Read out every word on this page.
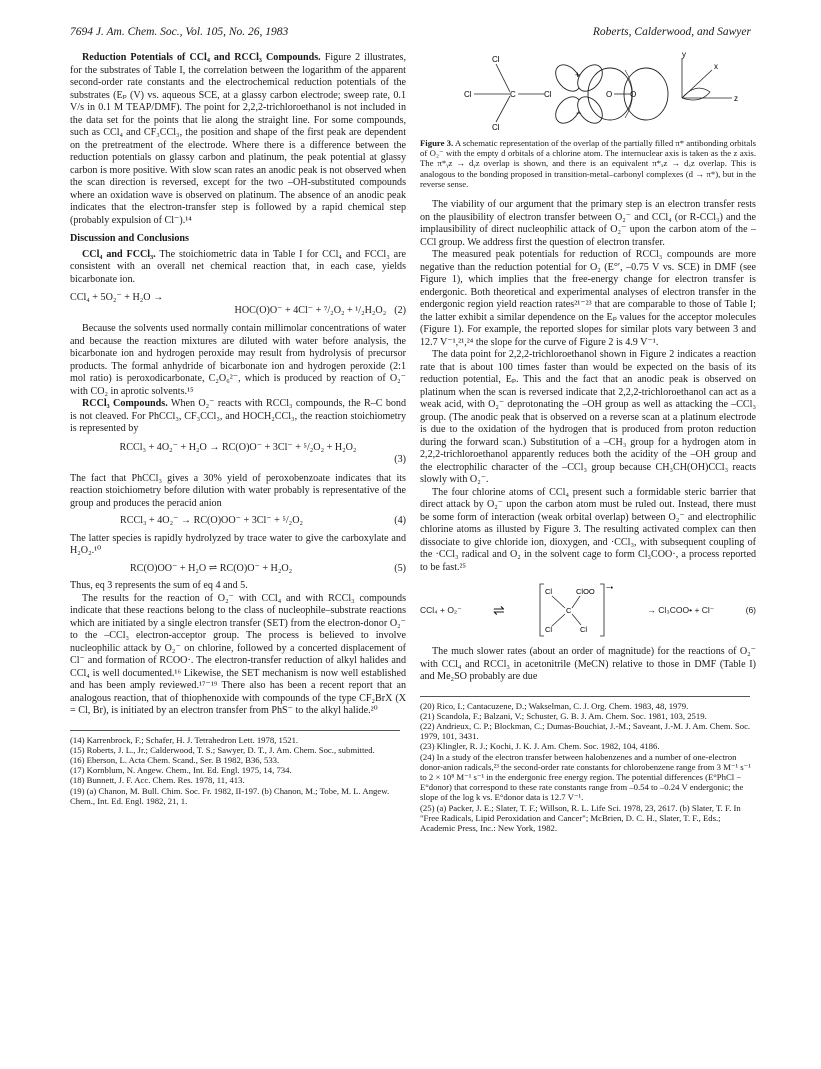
7694 J. Am. Chem. Soc., Vol. 105, No. 26, 1983	Roberts, Calderwood, and Sawyer

Reduction Potentials of CCl₄ and RCCl₃ Compounds. Figure 2 illustrates, for the substrates of Table I, the correlation between the logarithm of the apparent second-order rate constants and the electrochemical reduction potentials of the substrates (Eₚ (V) vs. aqueous SCE, at a glassy carbon electrode; sweep rate, 0.1 V/s in 0.1 M TEAP/DMF). The point for 2,2,2-trichloroethanol is not included in the data set for the points that lie along the straight line. For some compounds, such as CCl₄ and CF₃CCl₃, the position and shape of the first peak are dependent on the pretreatment of the electrode. Where there is a difference between the reduction potentials on glassy carbon and platinum, the peak potential at glassy carbon is more positive. With slow scan rates an anodic peak is not observed when the scan direction is reversed, except for the two –OH-substituted compounds where an oxidation wave is observed on platinum. The absence of an anodic peak indicates that the electron-transfer step is followed by a rapid chemical step (probably expulsion of Cl⁻).¹⁴

Discussion and Conclusions

CCl₄ and FCCl₃. The stoichiometric data in Table I for CCl₄ and FCCl₃ are consistent with an overall net chemical reaction that, in each case, yields bicarbonate ion.

CCl₄ + 5O₂⁻ + H₂O →
HOC(O)O⁻ + 4Cl⁻ + ⁷/₂O₂ + ¹/₂H₂O₂ (2)

Because the solvents used normally contain millimolar concentrations of water and because the reaction mixtures are diluted with water before analysis, the bicarbonate ion and hydrogen peroxide may result from hydrolysis of precursor products. The formal anhydride of bicarbonate ion and hydrogen peroxide (2:1 mol ratio) is peroxodicarbonate, C₂O₆²⁻, which is produced by reaction of O₂⁻ with CO₂ in aprotic solvents.¹⁵

RCCl₃ Compounds. When O₂⁻ reacts with RCCl₃ compounds, the R–C bond is not cleaved. For PhCCl₃, CF₃CCl₃, and HOCH₂CCl₃, the reaction stoichiometry is represented by

RCCl₃ + 4O₂⁻ + H₂O → RC(O)O⁻ + 3Cl⁻ + ⁵/₂O₂ + H₂O₂
(3)

The fact that PhCCl₃ gives a 30% yield of peroxobenzoate indicates that its reaction stoichiometry before dilution with water probably is representative of the group and produces the peracid anion

RCCl₃ + 4O₂⁻ → RC(O)OO⁻ + 3Cl⁻ + ⁵/₂O₂	(4)

The latter species is rapidly hydrolyzed by trace water to give the carboxylate and H₂O₂.¹⁰

RC(O)OO⁻ + H₂O ⇌ RC(O)O⁻ + H₂O₂	(5)

Thus, eq 3 represents the sum of eq 4 and 5.

The results for the reaction of O₂⁻ with CCl₄ and with RCCl₃ compounds indicate that these reactions belong to the class of nucleophile–substrate reactions which are initiated by a single electron transfer (SET) from the electron-donor O₂⁻ to the –CCl₃ electron-acceptor group. The process is believed to involve nucleophilic attack by O₂⁻ on chlorine, followed by a concerted displacement of Cl⁻ and formation of RCOO·. The electron-transfer reduction of alkyl halides and CCl₄ is well documented.¹⁶ Likewise, the SET mechanism is now well established and has been amply reviewed.¹⁷⁻¹⁹ There also has been a recent report that an analogous reaction, that of thiophenoxide with compounds of the type CF₂BrX (X = Cl, Br), is initiated by an electron transfer from PhS⁻ to the alkyl halide.²⁰

(14) Karrenbrock, F.; Schafer, H. J. Tetrahedron Lett. 1978, 1521.
(15) Roberts, J. L., Jr.; Calderwood, T. S.; Sawyer, D. T., J. Am. Chem. Soc., submitted.
(16) Eberson, L. Acta Chem. Scand., Ser. B 1982, B36, 533.
(17) Kornblum, N. Angew. Chem., Int. Ed. Engl. 1975, 14, 734.
(18) Bunnett, J. F. Acc. Chem. Res. 1978, 11, 413.
(19) (a) Chanon, M. Bull. Chim. Soc. Fr. 1982, II-197. (b) Chanon, M.; Tobe, M. L. Angew. Chem., Int. Ed. Engl. 1982, 21, 1.
Cl
Cl
Cl
C	Cl
+
−
O O
y
x
z
Figure 3. A schematic representation of the overlap of the partially filled π* antibonding orbitals of O₂⁻ with the empty d orbitals of a chlorine atom. The internuclear axis is taken as the z axis. The π*ᵧz → dᵧz overlap is shown, and there is an equivalent π*ₓz → dₓz overlap. This is analogous to the bonding proposed in transition-metal–carbonyl complexes (d → π*), but in the reverse sense.

The viability of our argument that the primary step is an electron transfer rests on the plausibility of electron transfer between O₂⁻ and CCl₄ (or R-CCl₃) and the implausibility of direct nucleophilic attack of O₂⁻ upon the carbon atom of the –CCl group. We address first the question of electron transfer.

The measured peak potentials for reduction of RCCl₃ compounds are more negative than the reduction potential for O₂ (E°′, –0.75 V vs. SCE) in DMF (see Figure 1), which implies that the free-energy change for electron transfer is endergonic. Both theoretical and experimental analyses of electron transfer in the endergonic region yield reaction rates²¹⁻²³ that are comparable to those of Table I; the latter exhibit a similar dependence on the Eₚ values for the acceptor molecules (Figure 1). For example, the reported slopes for similar plots vary between 3 and 12.7 V⁻¹,²¹,²⁴ the slope for the curve of Figure 2 is 4.9 V⁻¹.

The data point for 2,2,2-trichloroethanol shown in Figure 2 indicates a reaction rate that is about 100 times faster than would be expected on the basis of its reduction potential, Eₚ. This and the fact that an anodic peak is observed on platinum when the scan is reversed indicate that 2,2,2-trichloroethanol can act as a weak acid, with O₂⁻ deprotonating the –OH group as well as attacking the –CCl₃ group. (The anodic peak that is observed on a reverse scan at a platinum electrode is due to the oxidation of the hydrogen that is produced from proton reduction during the forward scan.) Substitution of a –CH₃ group for a hydrogen atom in 2,2,2-trichloroethanol apparently reduces both the acidity of the –OH group and the electrophilic character of the –CCl₃ group because CH₃CH(OH)CCl₃ reacts slowly with O₂⁻.

The four chlorine atoms of CCl₄ present such a formidable steric barrier that direct attack by O₂⁻ upon the carbon atom must be ruled out. Instead, there must be some form of interaction (weak orbital overlap) between O₂⁻ and electrophilic chlorine atoms as illusted by Figure 3. The resulting activated complex can then dissociate to give chloride ion, dioxygen, and ·CCl₃, with subsequent coupling of the ·CCl₃ radical and O₂ in the solvent cage to form Cl₃COO·, a process reported to be fast.²⁵

CCl₄ + O₂⁻ ⇌
Cl	ClOO
C
Cl	Cl
−•
→ Cl₃COO• + Cl⁻	(6)

The much slower rates (about an order of magnitude) for the reactions of O₂⁻ with CCl₄ and RCCl₃ in acetonitrile (MeCN) relative to those in DMF (Table I) and Me₂SO probably are due

(20) Rico, I.; Cantacuzene, D.; Wakselman, C. J. Org. Chem. 1983, 48, 1979.
(21) Scandola, F.; Balzani, V.; Schuster, G. B. J. Am. Chem. Soc. 1981, 103, 2519.
(22) Andrieux, C. P.; Blockman, C.; Dumas-Bouchiat, J.-M.; Saveant, J.-M. J. Am. Chem. Soc. 1979, 101, 3431.
(23) Klingler, R. J.; Kochi, J. K. J. Am. Chem. Soc. 1982, 104, 4186.
(24) In a study of the electron transfer between halobenzenes and a number of one-electron donor-anion radicals,²³ the second-order rate constants for chlorobenzene range from 3 M⁻¹ s⁻¹ to 2 × 10⁸ M⁻¹ s⁻¹ in the endergonic free energy region. The potential differences (E°PhCl − E°donor) that correspond to these rate constants range from –0.54 to –0.24 V endergonic; the slope of the log k vs. E°donor data is 12.7 V⁻¹.
(25) (a) Packer, J. E.; Slater, T. F.; Willson, R. L. Life Sci. 1978, 23, 2617. (b) Slater, T. F. In "Free Radicals, Lipid Peroxidation and Cancer"; McBrien, D. C. H., Slater, T. F., Eds.; Academic Press, Inc.: New York, 1982.
